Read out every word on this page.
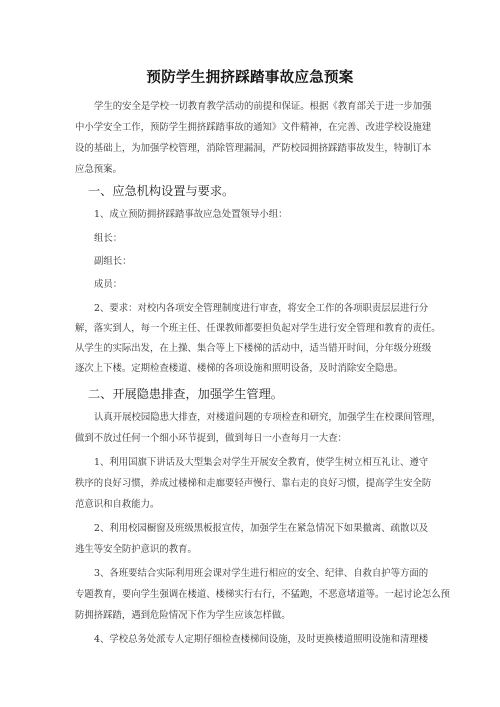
预防学生拥挤踩踏事故应急预案
学生的安全是学校一切教育教学活动的前提和保证。根据《教育部关于进一步加强
中小学安全工作，预防学生拥挤踩踏事故的通知》文件精神，在完善、改进学校设施建
设的基础上，为加强学校管理，消除管理漏洞，严防校园拥挤踩踏事故发生，特制订本
应急预案。
一、应急机构设置与要求。
1、成立预防拥挤踩踏事故应急处置领导小组：
组长：
副组长：
成员：
2、要求：对校内各项安全管理制度进行审查，将安全工作的各项职责层层进行分
解，落实到人，每一个班主任、任课教师都要担负起对学生进行安全管理和教育的责任。
从学生的实际出发，在上操、集合等上下楼梯的活动中，适当错开时间，分年级分班级
逐次上下楼。定期检查楼道、楼梯的各项设施和照明设备，及时消除安全隐患。
二、开展隐患排查，加强学生管理。
认真开展校园隐患大排查，对楼道问题的专项检查和研究，加强学生在校课间管理，
做到不放过任何一个细小环节捉到，做到每日一小查每月一大查：
1、利用国旗下讲话及大型集会对学生开展安全教育，使学生树立相互礼让、遵守
秩序的良好习惯，养成过楼梯和走廊要轻声慢行、靠右走的良好习惯，提高学生安全防
范意识和自救能力。
2、利用校园橱窗及班级黑板报宣传，加强学生在紧急情况下如果撤离、疏散以及
逃生等安全防护意识的教育。
3、各班要结合实际利用班会课对学生进行相应的安全、纪律、自救自护等方面的
专题教育，要向学生强调在楼道、楼梯实行右行，不猛跑，不恶意堵道等。一起讨论怎么预
防拥挤踩踏，遇到危险情况下作为学生应该怎样做。
4、学校总务处派专人定期仔细检查楼梯间设施，及时更换楼道照明设施和清理楼
